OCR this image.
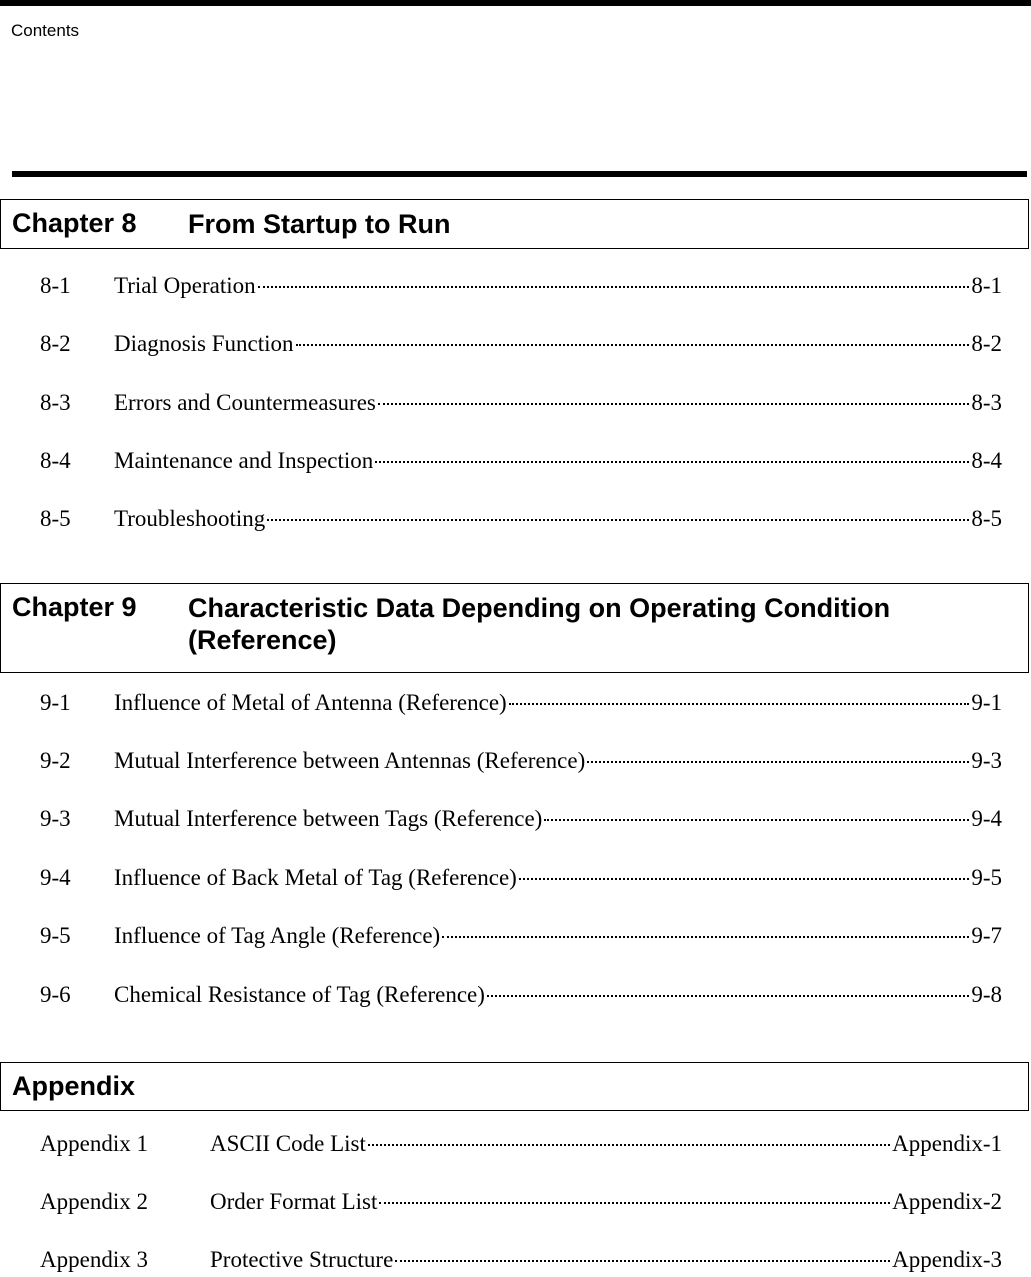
Contents
Chapter 8 From Startup to Run
8-1 Trial Operation	8-1
8-2 Diagnosis Function	8-2
8-3 Errors and Countermeasures	8-3
8-4 Maintenance and Inspection	8-4
8-5 Troubleshooting	8-5
Chapter 9 Characteristic Data Depending on Operating Condition (Reference)
9-1 Influence of Metal of Antenna (Reference)	9-1
9-2 Mutual Interference between Antennas (Reference)	9-3
9-3 Mutual Interference between Tags (Reference)	9-4
9-4 Influence of Back Metal of Tag (Reference)	9-5
9-5 Influence of Tag Angle (Reference)	9-7
9-6 Chemical Resistance of Tag (Reference)	9-8
Appendix
Appendix 1	ASCII Code List	Appendix-1
Appendix 2	Order Format List	Appendix-2
Appendix 3	Protective Structure	Appendix-3
